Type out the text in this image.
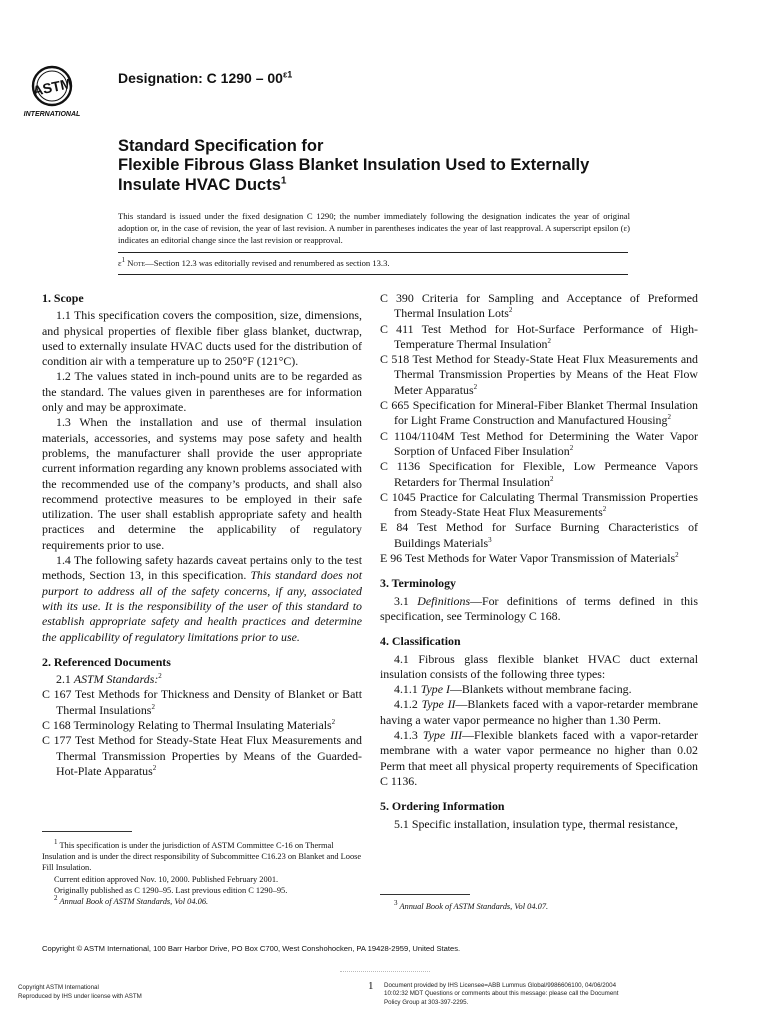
ASTM
INTERNATIONAL
Designation: C $1290 - 00^{\varepsilon 1}$
Standard Specification for
Flexible Fibrous Glass Blanket Insulation Used to Externally
Insulate HVAC Ducts$^1$
This standard is issued under the fixed designation C 1290; the number immediately following the designation indicates the year of original adoption or, in the case of revision, the year of last revision. A number in parentheses indicates the year of last reapproval. A superscript epsilon (ε) indicates an editorial change since the last revision or reapproval.
$\varepsilon^1$ Note—Section 12.3 was editorially revised and renumbered as section 13.3.
1. Scope
1.1 This specification covers the composition, size, dimensions, and physical properties of flexible fiber glass blanket, ductwrap, used to externally insulate HVAC ducts used for the distribution of condition air with a temperature up to 250°F (121°C).
1.2 The values stated in inch-pound units are to be regarded as the standard. The values given in parentheses are for information only and may be approximate.
1.3 When the installation and use of thermal insulation materials, accessories, and systems may pose safety and health problems, the manufacturer shall provide the user appropriate current information regarding any known problems associated with the recommended use of the company’s products, and shall also recommend protective measures to be employed in their safe utilization. The user shall establish appropriate safety and health practices and determine the applicability of regulatory requirements prior to use.
1.4 The following safety hazards caveat pertains only to the test methods, Section 13, in this specification. This standard does not purport to address all of the safety concerns, if any, associated with its use. It is the responsibility of the user of this standard to establish appropriate safety and health practices and determine the applicability of regulatory limitations prior to use.
2. Referenced Documents
2.1 ASTM Standards:$^2$
C 167 Test Methods for Thickness and Density of Blanket or Batt Thermal Insulations$^2$
C 168 Terminology Relating to Thermal Insulating Materials$^2$
C 177 Test Method for Steady-State Heat Flux Measurements and Thermal Transmission Properties by Means of the Guarded-Hot-Plate Apparatus$^2$
C 390 Criteria for Sampling and Acceptance of Preformed Thermal Insulation Lots$^2$
C 411 Test Method for Hot-Surface Performance of High-Temperature Thermal Insulation$^2$
C 518 Test Method for Steady-State Heat Flux Measurements and Thermal Transmission Properties by Means of the Heat Flow Meter Apparatus$^2$
C 665 Specification for Mineral-Fiber Blanket Thermal Insulation for Light Frame Construction and Manufactured Housing$^2$
C 1104/1104M Test Method for Determining the Water Vapor Sorption of Unfaced Fiber Insulation$^2$
C 1136 Specification for Flexible, Low Permeance Vapors Retarders for Thermal Insulation$^2$
C 1045 Practice for Calculating Thermal Transmission Properties from Steady-State Heat Flux Measurements$^2$
E 84 Test Method for Surface Burning Characteristics of Buildings Materials$^3$
E 96 Test Methods for Water Vapor Transmission of Materials$^2$
3. Terminology
3.1 Definitions—For definitions of terms defined in this specification, see Terminology C 168.
4. Classification
4.1 Fibrous glass flexible blanket HVAC duct external insulation consists of the following three types:
4.1.1 Type I—Blankets without membrane facing.
4.1.2 Type II—Blankets faced with a vapor-retarder membrane having a water vapor permeance no higher than 1.30 Perm.
4.1.3 Type III—Flexible blankets faced with a vapor-retarder membrane with a water vapor permeance no higher than 0.02 Perm that meet all physical property requirements of Specification C 1136.
5. Ordering Information
5.1 Specific installation, insulation type, thermal resistance,
$^1$ This specification is under the jurisdiction of ASTM Committee C-16 on Thermal Insulation and is under the direct responsibility of Subcommittee C16.23 on Blanket and Loose Fill Insulation.
Current edition approved Nov. 10, 2000. Published February 2001.
Originally published as C 1290–95. Last previous edition C 1290–95.
$^2$ Annual Book of ASTM Standards, Vol 04.06.	$^3$ Annual Book of ASTM Standards, Vol 04.07.
Copyright © ASTM International, 100 Barr Harbor Drive, PO Box C700, West Conshohocken, PA 19428-2959, United States.
Copyright ASTM International
Reproduced by IHS under license with ASTM
1 Document provided by IHS Licensee=ABB Lummus Global/9986606100, 04/06/2004
10:02:32 MDT Questions or comments about this message: please call the Document
Policy Group at 303-397-2295.
